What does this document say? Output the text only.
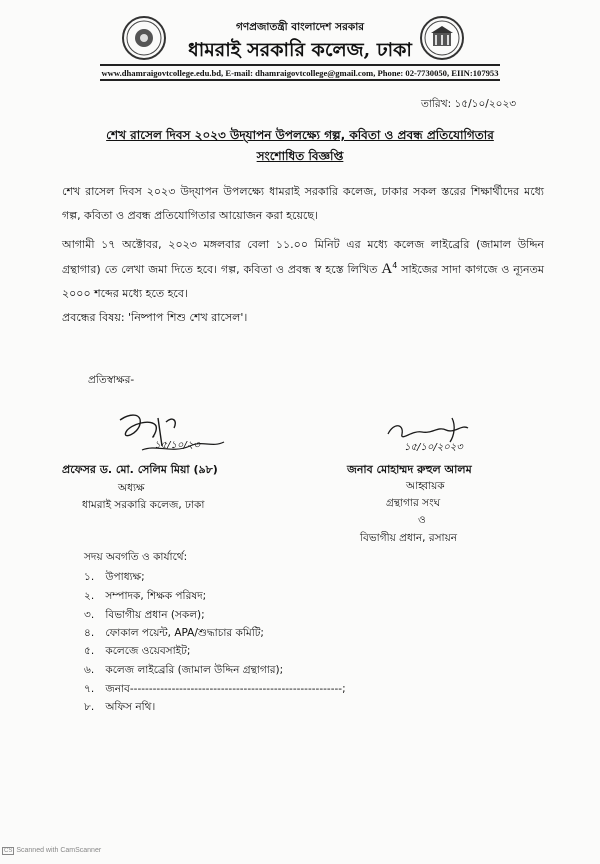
গণপ্রজাতন্ত্রী বাংলাদেশ সরকার
ধামরাই সরকারি কলেজ, ঢাকা
www.dhamraigovtcollege.edu.bd, E-mail: dhamraigovtcollege@gmail.com, Phone: 02-7730050, EIIN:107953
তারিখ: ১৫/১০/২০২৩
শেখ রাসেল দিবস ২০২৩ উদ্‌যাপন উপলক্ষ্যে গল্প, কবিতা ও প্রবন্ধ প্রতিযোগিতার
সংশোধিত বিজ্ঞপ্তি
শেখ রাসেল দিবস ২০২৩ উদ্‌যাপন উপলক্ষ্যে ধামরাই সরকারি কলেজ, ঢাকার সকল স্তরের শিক্ষার্থীদের মধ্যে গল্প, কবিতা ও প্রবন্ধ প্রতিযোগিতার আয়োজন করা হয়েছে।
আগামী ১৭ অক্টোবর, ২০২৩ মঙ্গলবার বেলা ১১.০০ মিনিট এর মধ্যে কলেজ লাইব্রেরি (জামাল উদ্দিন গ্রন্থাগার) তে লেখা জমা দিতে হবে। গল্প, কবিতা ও প্রবন্ধ স্ব হস্তে লিখিত $A^4$ সাইজের সাদা কাগজে ও ন্যূনতম ২০০০ শব্দের মধ্যে হতে হবে।
প্রবন্ধের বিষয়: 'নিষ্পাপ শিশু শেখ রাসেল'।
প্রতিস্বাক্ষর-
১৫/১০/২৩
প্রফেসর ড. মো. সেলিম মিয়া (৯৮)
অধ্যক্ষ
ধামরাই সরকারি কলেজ, ঢাকা
১৫/১০/২০২৩
জনাব মোহাম্মদ রুহুল আলম
আহ্বায়ক
গ্রন্থাগার সংঘ
ও
বিভাগীয় প্রধান, রসায়ন
সদয় অবগতি ও কার্যার্থে:
১. উপাধ্যক্ষ;
২. সম্পাদক, শিক্ষক পরিষদ;
৩. বিভাগীয় প্রধান (সকল);
৪. ফোকাল পয়েন্ট, APA/শুদ্ধাচার কমিটি;
৫. কলেজে ওয়েবসাইট;
৬. কলেজ লাইব্রেরি (জামাল উদ্দিন গ্রন্থাগার);
৭. জনাব--------------------------------------------------------;
৮. অফিস নথি।
CS Scanned with CamScanner
